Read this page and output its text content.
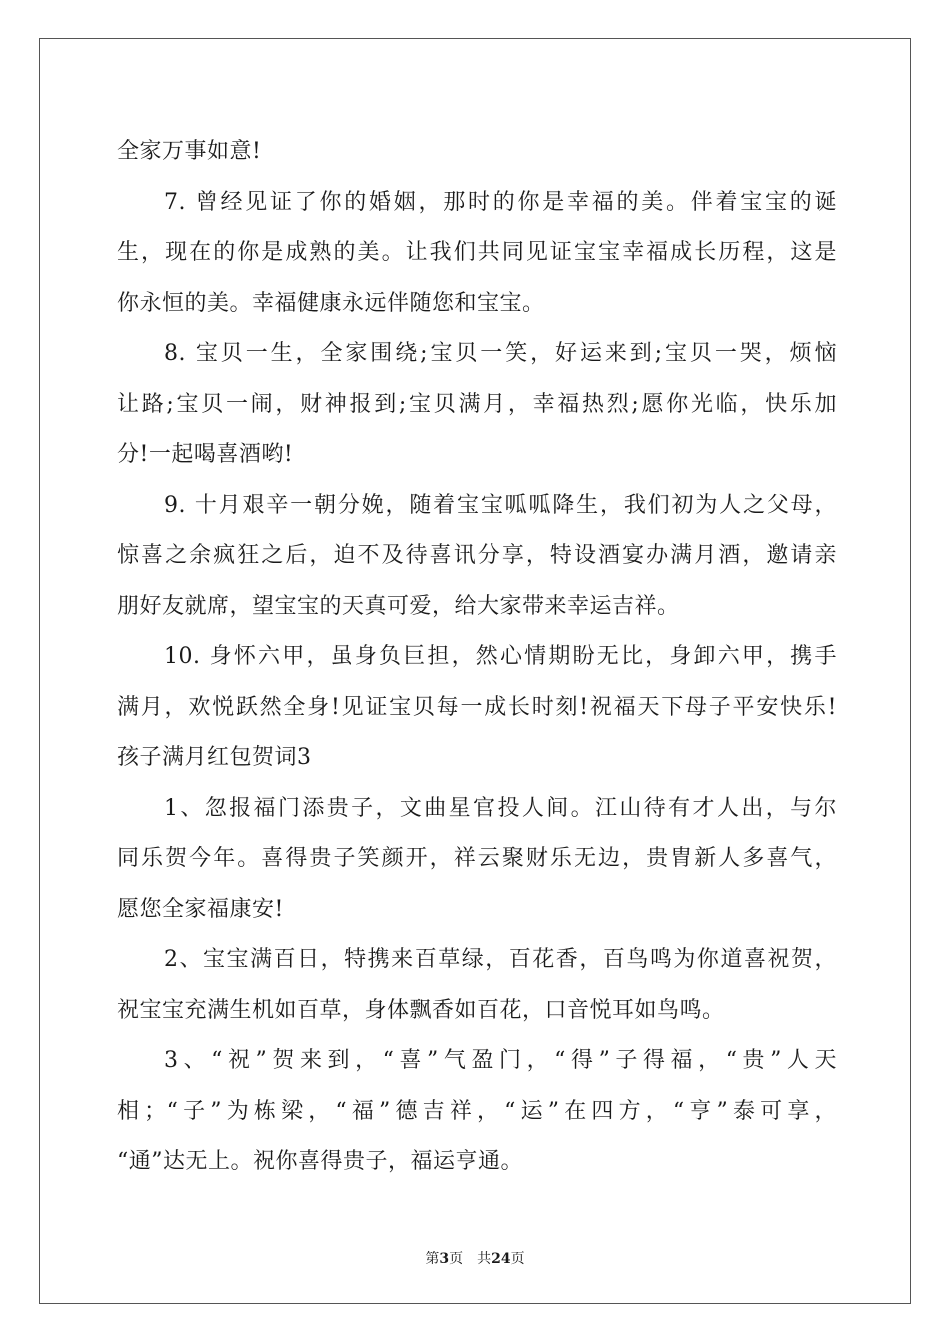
全家万事如意!
7. 曾经见证了你的婚姻，那时的你是幸福的美。伴着宝宝的诞
生，现在的你是成熟的美。让我们共同见证宝宝幸福成长历程，这是
你永恒的美。幸福健康永远伴随您和宝宝。
8. 宝贝一生，全家围绕;宝贝一笑，好运来到;宝贝一哭，烦恼
让路;宝贝一闹，财神报到;宝贝满月，幸福热烈;愿你光临，快乐加
分!一起喝喜酒哟!
9. 十月艰辛一朝分娩，随着宝宝呱呱降生，我们初为人之父母，
惊喜之余疯狂之后，迫不及待喜讯分享，特设酒宴办满月酒，邀请亲
朋好友就席，望宝宝的天真可爱，给大家带来幸运吉祥。
10. 身怀六甲，虽身负巨担，然心情期盼无比，身卸六甲，携手
满月，欢悦跃然全身!见证宝贝每一成长时刻!祝福天下母子平安快乐!
孩子满月红包贺词3
1、忽报福门添贵子，文曲星官投人间。江山待有才人出，与尔
同乐贺今年。喜得贵子笑颜开，祥云聚财乐无边，贵胄新人多喜气，
愿您全家福康安!
2、宝宝满百日，特携来百草绿，百花香，百鸟鸣为你道喜祝贺，
祝宝宝充满生机如百草，身体飘香如百花，口音悦耳如鸟鸣。
3、“祝”贺来到，“喜”气盈门，“得”子得福，“贵”人天
相；“子”为栋梁，“福”德吉祥，“运”在四方，“亨”泰可享，
“通”达无上。祝你喜得贵子，福运亨通。
第3页 共24页
